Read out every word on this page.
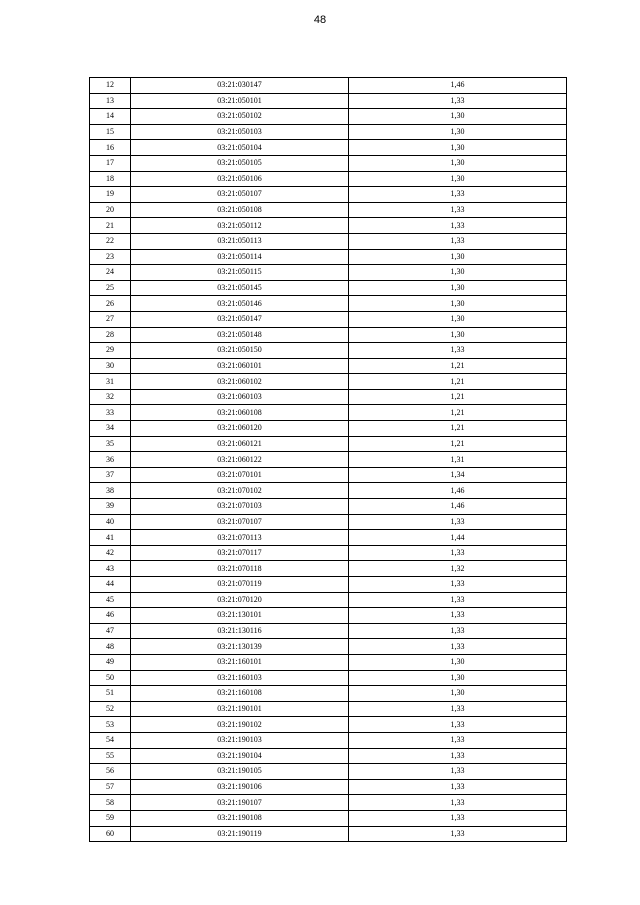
48
12	03:21:030147	1,46
13	03:21:050101	1,33
14	03:21:050102	1,30
15	03:21:050103	1,30
16	03:21:050104	1,30
17	03:21:050105	1,30
18	03:21:050106	1,30
19	03:21:050107	1,33
20	03:21:050108	1,33
21	03:21:050112	1,33
22	03:21:050113	1,33
23	03:21:050114	1,30
24	03:21:050115	1,30
25	03:21:050145	1,30
26	03:21:050146	1,30
27	03:21:050147	1,30
28	03:21:050148	1,30
29	03:21:050150	1,33
30	03:21:060101	1,21
31	03:21:060102	1,21
32	03:21:060103	1,21
33	03:21:060108	1,21
34	03:21:060120	1,21
35	03:21:060121	1,21
36	03:21:060122	1,31
37	03:21:070101	1,34
38	03:21:070102	1,46
39	03:21:070103	1,46
40	03:21:070107	1,33
41	03:21:070113	1,44
42	03:21:070117	1,33
43	03:21:070118	1,32
44	03:21:070119	1,33
45	03:21:070120	1,33
46	03:21:130101	1,33
47	03:21:130116	1,33
48	03:21:130139	1,33
49	03:21:160101	1,30
50	03:21:160103	1,30
51	03:21:160108	1,30
52	03:21:190101	1,33
53	03:21:190102	1,33
54	03:21:190103	1,33
55	03:21:190104	1,33
56	03:21:190105	1,33
57	03:21:190106	1,33
58	03:21:190107	1,33
59	03:21:190108	1,33
60	03:21:190119	1,33
